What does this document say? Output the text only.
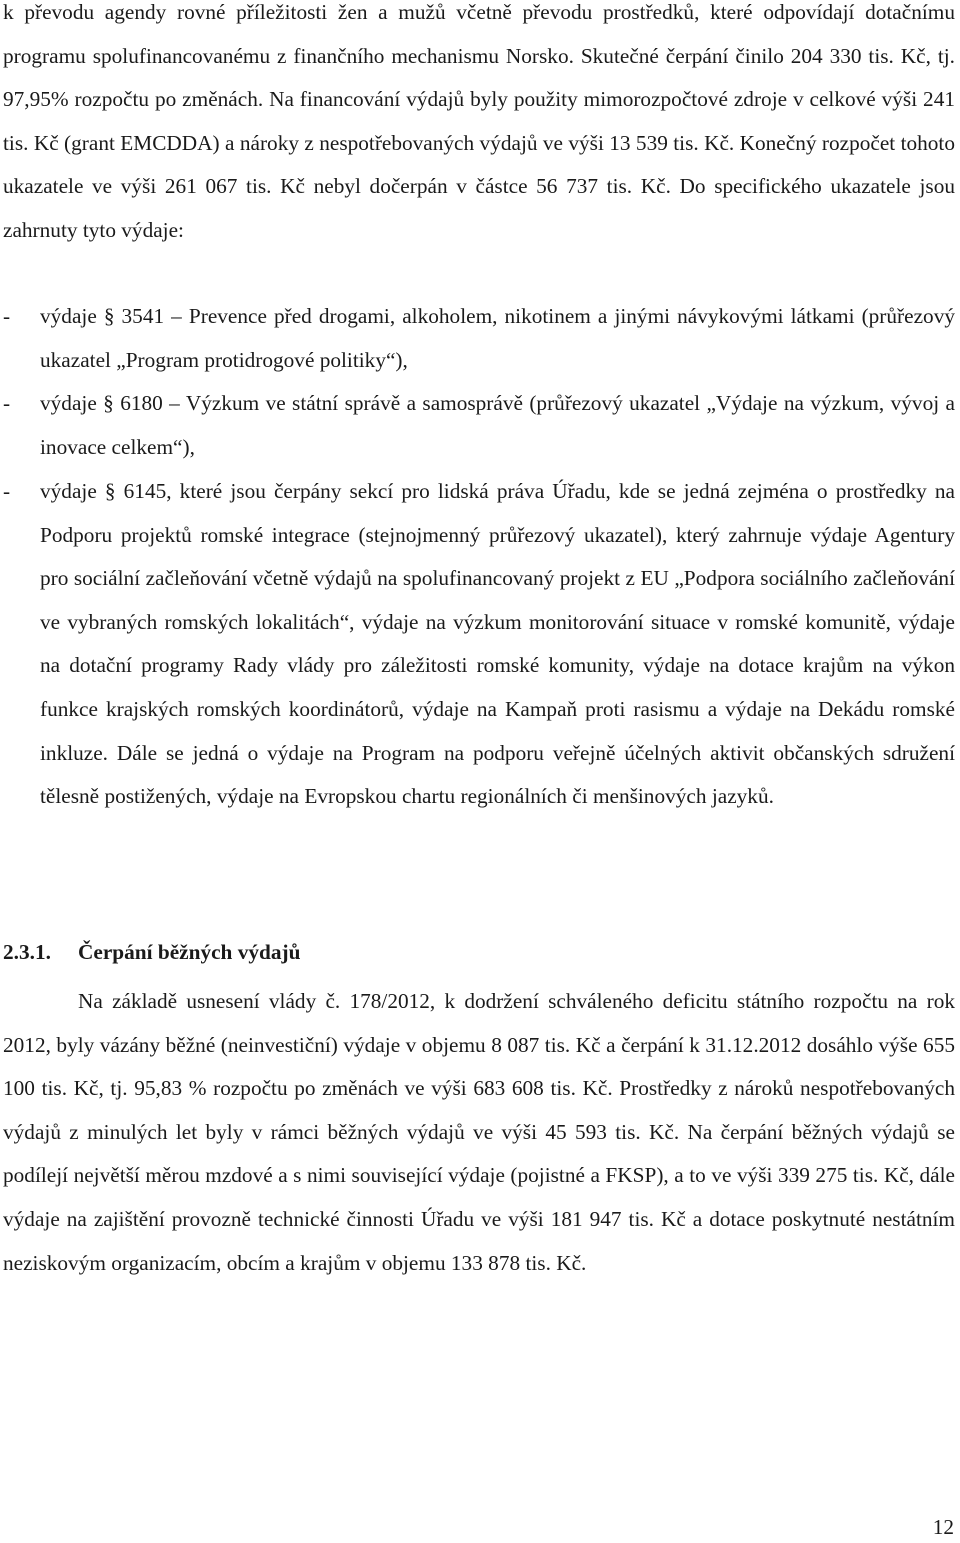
k převodu agendy rovné příležitosti žen a mužů včetně převodu prostředků, které odpovídají dotačnímu programu spolufinancovanému z finančního mechanismu Norsko. Skutečné čerpání činilo 204 330 tis. Kč, tj. 97,95% rozpočtu po změnách. Na financování výdajů byly použity mimorozpočtové zdroje v celkové výši 241 tis. Kč (grant EMCDDA) a nároky z nespotřebovaných výdajů ve výši 13 539 tis. Kč. Konečný rozpočet tohoto ukazatele ve výši 261 067 tis. Kč nebyl dočerpán v částce 56 737 tis. Kč. Do specifického ukazatele jsou zahrnuty tyto výdaje:

- výdaje § 3541 – Prevence před drogami, alkoholem, nikotinem a jinými návykovými látkami (průřezový ukazatel „Program protidrogové politiky“),
- výdaje § 6180 – Výzkum ve státní správě a samosprávě (průřezový ukazatel „Výdaje na výzkum, vývoj a inovace celkem“),
- výdaje § 6145, které jsou čerpány sekcí pro lidská práva Úřadu, kde se jedná zejména o prostředky na Podporu projektů romské integrace (stejnojmenný průřezový ukazatel), který zahrnuje výdaje Agentury pro sociální začleňování včetně výdajů na spolufinancovaný projekt z EU „Podpora sociálního začleňování ve vybraných romských lokalitách“, výdaje na výzkum monitorování situace v romské komunitě, výdaje na dotační programy Rady vlády pro záležitosti romské komunity, výdaje na dotace krajům na výkon funkce krajských romských koordinátorů, výdaje na Kampaň proti rasismu a výdaje na Dekádu romské inkluze. Dále se jedná o výdaje na Program na podporu veřejně účelných aktivit občanských sdružení tělesně postižených, výdaje na Evropskou chartu regionálních či menšinových jazyků.
2.3.1. Čerpání běžných výdajů

Na základě usnesení vlády č. 178/2012, k dodržení schváleného deficitu státního rozpočtu na rok 2012, byly vázány běžné (neinvestiční) výdaje v objemu 8 087 tis. Kč a čerpání k 31.12.2012 dosáhlo výše 655 100 tis. Kč, tj. 95,83 % rozpočtu po změnách ve výši 683 608 tis. Kč. Prostředky z nároků nespotřebovaných výdajů z minulých let byly v rámci běžných výdajů ve výši 45 593 tis. Kč. Na čerpání běžných výdajů se podílejí největší měrou mzdové a s nimi související výdaje (pojistné a FKSP), a to ve výši 339 275 tis. Kč, dále výdaje na zajištění provozně technické činnosti Úřadu ve výši 181 947 tis. Kč a dotace poskytnuté nestátním neziskovým organizacím, obcím a krajům v objemu 133 878 tis. Kč.

12
